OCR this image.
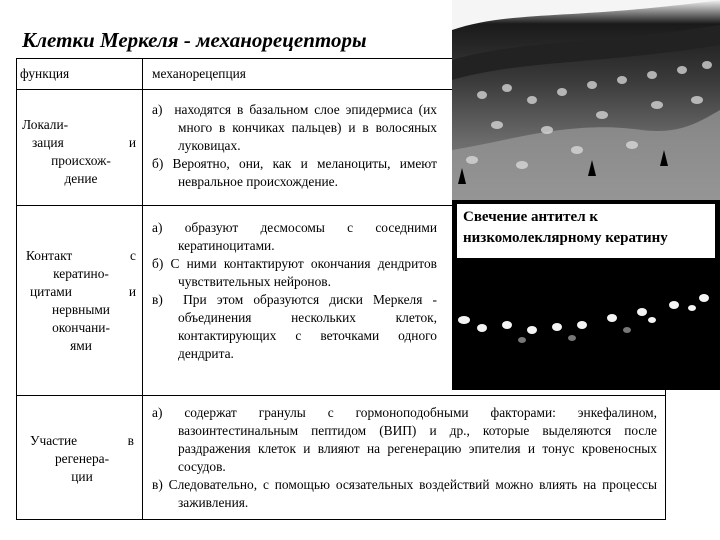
Клетки Меркеля - механорецепторы
функция	механорецепция
Локали-
зация и
происхож-
дение
а) находятся в базальном слое эпидермиса (их много в кончиках пальцев) и в волосяных луковицах.
б) Вероятно, они, как и меланоциты, имеют невральное происхождение.
Контакт с
кератино-
цитами и
нервными
окончани-
ями
а) образуют десмосомы с соседними кератиноцитами.
б) С ними контактируют окончания дендритов чувствительных нейронов.
в) При этом образуются диски Меркеля - объединения нескольких клеток, контактирующих с веточками одного дендрита.
Участие в
регенера-
ции
а) содержат гранулы с гормоноподобными факторами: энкефалином, вазоинтестинальным пептидом (ВИП) и др., которые выделяются после раздражения клеток и влияют на регенерацию эпителия и тонус кровеносных сосудов.
в) Следовательно, с помощью осязательных воздействий можно влиять на процессы заживления.
Свечение антител к низкомолеклярному кератину
